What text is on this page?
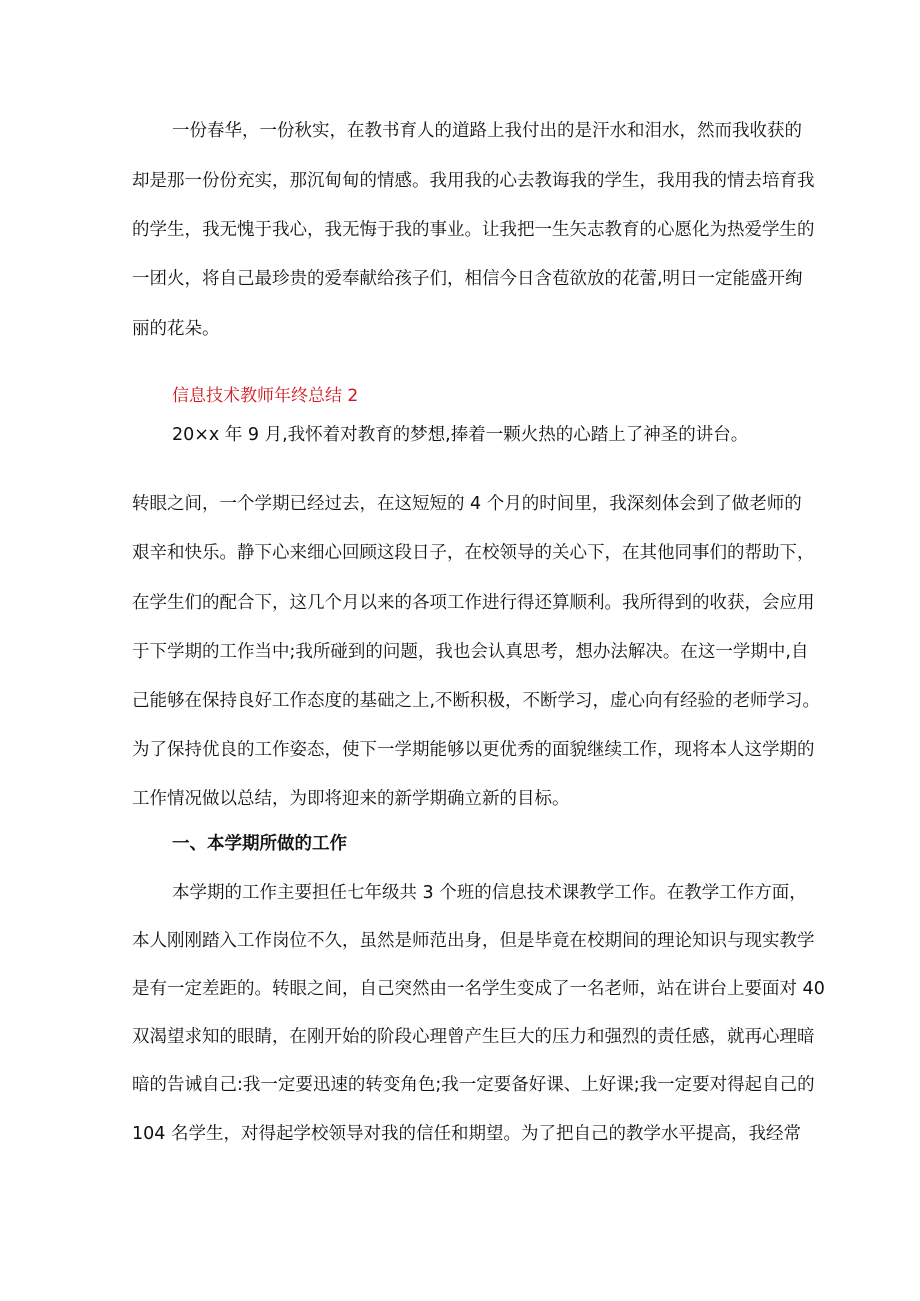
一份春华，一份秋实，在教书育人的道路上我付出的是汗水和泪水，然而我收获的
却是那一份份充实，那沉甸甸的情感。我用我的心去教诲我的学生，我用我的情去培育我
的学生，我无愧于我心，我无悔于我的事业。让我把一生矢志教育的心愿化为热爱学生的
一团火，将自己最珍贵的爱奉献给孩子们，相信今日含苞欲放的花蕾,明日一定能盛开绚
丽的花朵。
信息技术教师年终总结 2
20×x 年 9 月,我怀着对教育的梦想,捧着一颗火热的心踏上了神圣的讲台。
转眼之间，一个学期已经过去，在这短短的 4 个月的时间里，我深刻体会到了做老师的
艰辛和快乐。静下心来细心回顾这段日子，在校领导的关心下，在其他同事们的帮助下，
在学生们的配合下，这几个月以来的各项工作进行得还算顺利。我所得到的收获，会应用
于下学期的工作当中;我所碰到的问题，我也会认真思考，想办法解决。在这一学期中,自
己能够在保持良好工作态度的基础之上,不断积极，不断学习，虚心向有经验的老师学习。
为了保持优良的工作姿态，使下一学期能够以更优秀的面貌继续工作，现将本人这学期的
工作情况做以总结，为即将迎来的新学期确立新的目标。
一、本学期所做的工作
本学期的工作主要担任七年级共 3 个班的信息技术课教学工作。在教学工作方面，
本人刚刚踏入工作岗位不久，虽然是师范出身，但是毕竟在校期间的理论知识与现实教学
是有一定差距的。转眼之间，自己突然由一名学生变成了一名老师，站在讲台上要面对 40
双渴望求知的眼睛，在刚开始的阶段心理曾产生巨大的压力和强烈的责任感，就再心理暗
暗的告诫自己:我一定要迅速的转变角色;我一定要备好课、上好课;我一定要对得起自己的
104 名学生，对得起学校领导对我的信任和期望。为了把自己的教学水平提高，我经常
